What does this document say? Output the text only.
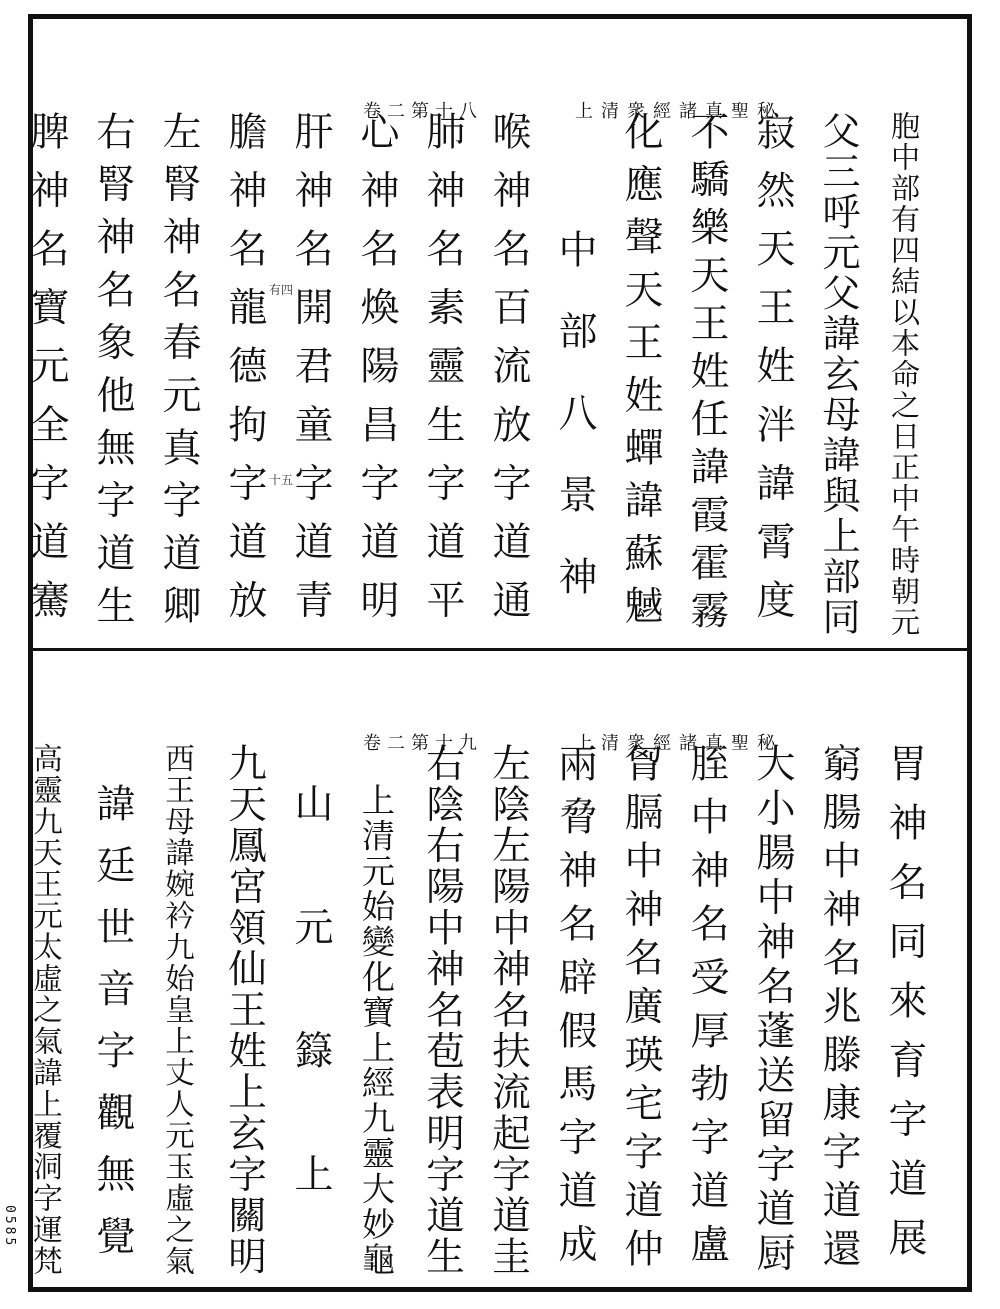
卷二第十八	上清衆經諸真聖秘	胞中部有四結以本命之日正中午時朝元
父三呼元父諱玄母諱與上部同
寂然天王姓泮諱霄度
不驕樂天王姓任諱霞霍霧
化應聲天王姓蟬諱蘇魊
中部八景神
喉神名百流放字道通
肺神名素靈生字道平
心神名煥陽昌字道明
肝神名開君童字道青
膽神名龍德拘字道放
左腎神名春元真字道卿
右腎神名象他無字道生
脾神名寶元全字道騫	有四
十五
卷二第十九	上清衆經諸真聖秘	胃神名同來育字道展
窮腸中神名兆滕康字道還
大小腸中神名蓬送留字道厨
胵中神名受厚勃字道盧
胷膈中神名廣瑛宅字道仲
兩脅神名辟假馬字道成
左陰左陽中神名扶流起字道圭
右陰右陽中神名苞表明字道生
上清元始變化寶上經九靈大妙龜
山元籙上
九天鳳宮領仙王姓上玄字關明
西王母諱婉衿九始皇上丈人元玉虛之氣
諱廷世音字觀無覺
高靈九天王元太虛之氣諱上覆洞字運梵
0585
